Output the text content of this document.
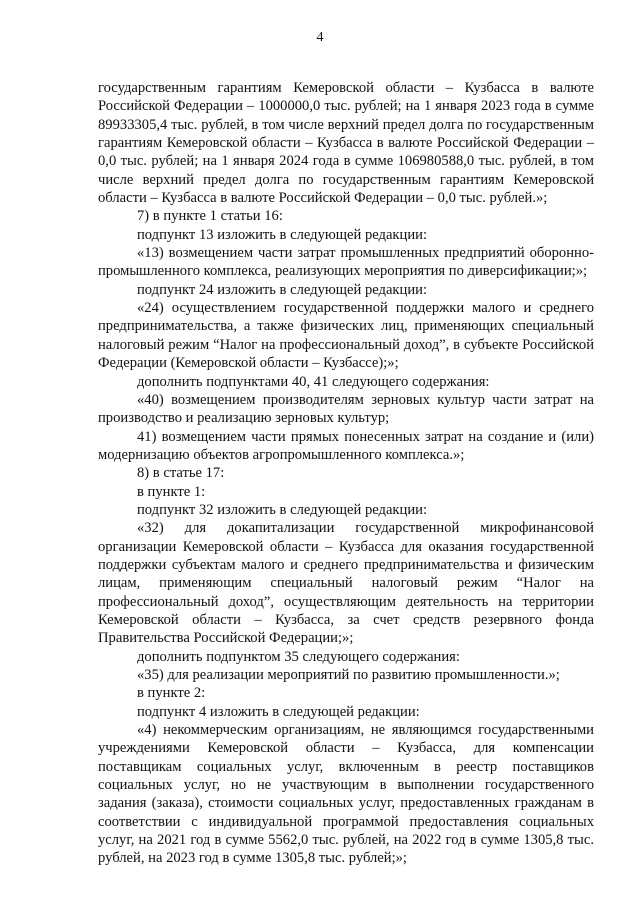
4

государственным гарантиям Кемеровской области – Кузбасса в валюте Российской Федерации – 1000000,0 тыс. рублей; на 1 января 2023 года в сумме 89933305,4 тыс. рублей, в том числе верхний предел долга по государственным гарантиям Кемеровской области – Кузбасса в валюте Российской Федерации – 0,0 тыс. рублей; на 1 января 2024 года в сумме 106980588,0 тыс. рублей, в том числе верхний предел долга по государственным гарантиям Кемеровской области – Кузбасса в валюте Российской Федерации – 0,0 тыс. рублей.»;

7) в пункте 1 статьи 16:

подпункт 13 изложить в следующей редакции:

«13) возмещением части затрат промышленных предприятий оборонно-промышленного комплекса, реализующих мероприятия по диверсификации;»;

подпункт 24 изложить в следующей редакции:

«24) осуществлением государственной поддержки малого и среднего предпринимательства, а также физических лиц, применяющих специальный налоговый режим “Налог на профессиональный доход”, в субъекте Российской Федерации (Кемеровской области – Кузбассе);»;

дополнить подпунктами 40, 41 следующего содержания:

«40) возмещением производителям зерновых культур части затрат на производство и реализацию зерновых культур;

41) возмещением части прямых понесенных затрат на создание и (или) модернизацию объектов агропромышленного комплекса.»;

8) в статье 17:

в пункте 1:

подпункт 32 изложить в следующей редакции:

«32) для докапитализации государственной микрофинансовой организации Кемеровской области – Кузбасса для оказания государственной поддержки субъектам малого и среднего предпринимательства и физическим лицам, применяющим специальный налоговый режим “Налог на профессиональный доход”, осуществляющим деятельность на территории Кемеровской области – Кузбасса, за счет средств резервного фонда Правительства Российской Федерации;»;

дополнить подпунктом 35 следующего содержания:

«35) для реализации мероприятий по развитию промышленности.»;

в пункте 2:

подпункт 4 изложить в следующей редакции:

«4) некоммерческим организациям, не являющимся государственными учреждениями Кемеровской области – Кузбасса, для компенсации поставщикам социальных услуг, включенным в реестр поставщиков социальных услуг, но не участвующим в выполнении государственного задания (заказа), стоимости социальных услуг, предоставленных гражданам в соответствии с индивидуальной программой предоставления социальных услуг, на 2021 год в сумме 5562,0 тыс. рублей, на 2022 год в сумме 1305,8 тыс. рублей, на 2023 год в сумме 1305,8 тыс. рублей;»;
